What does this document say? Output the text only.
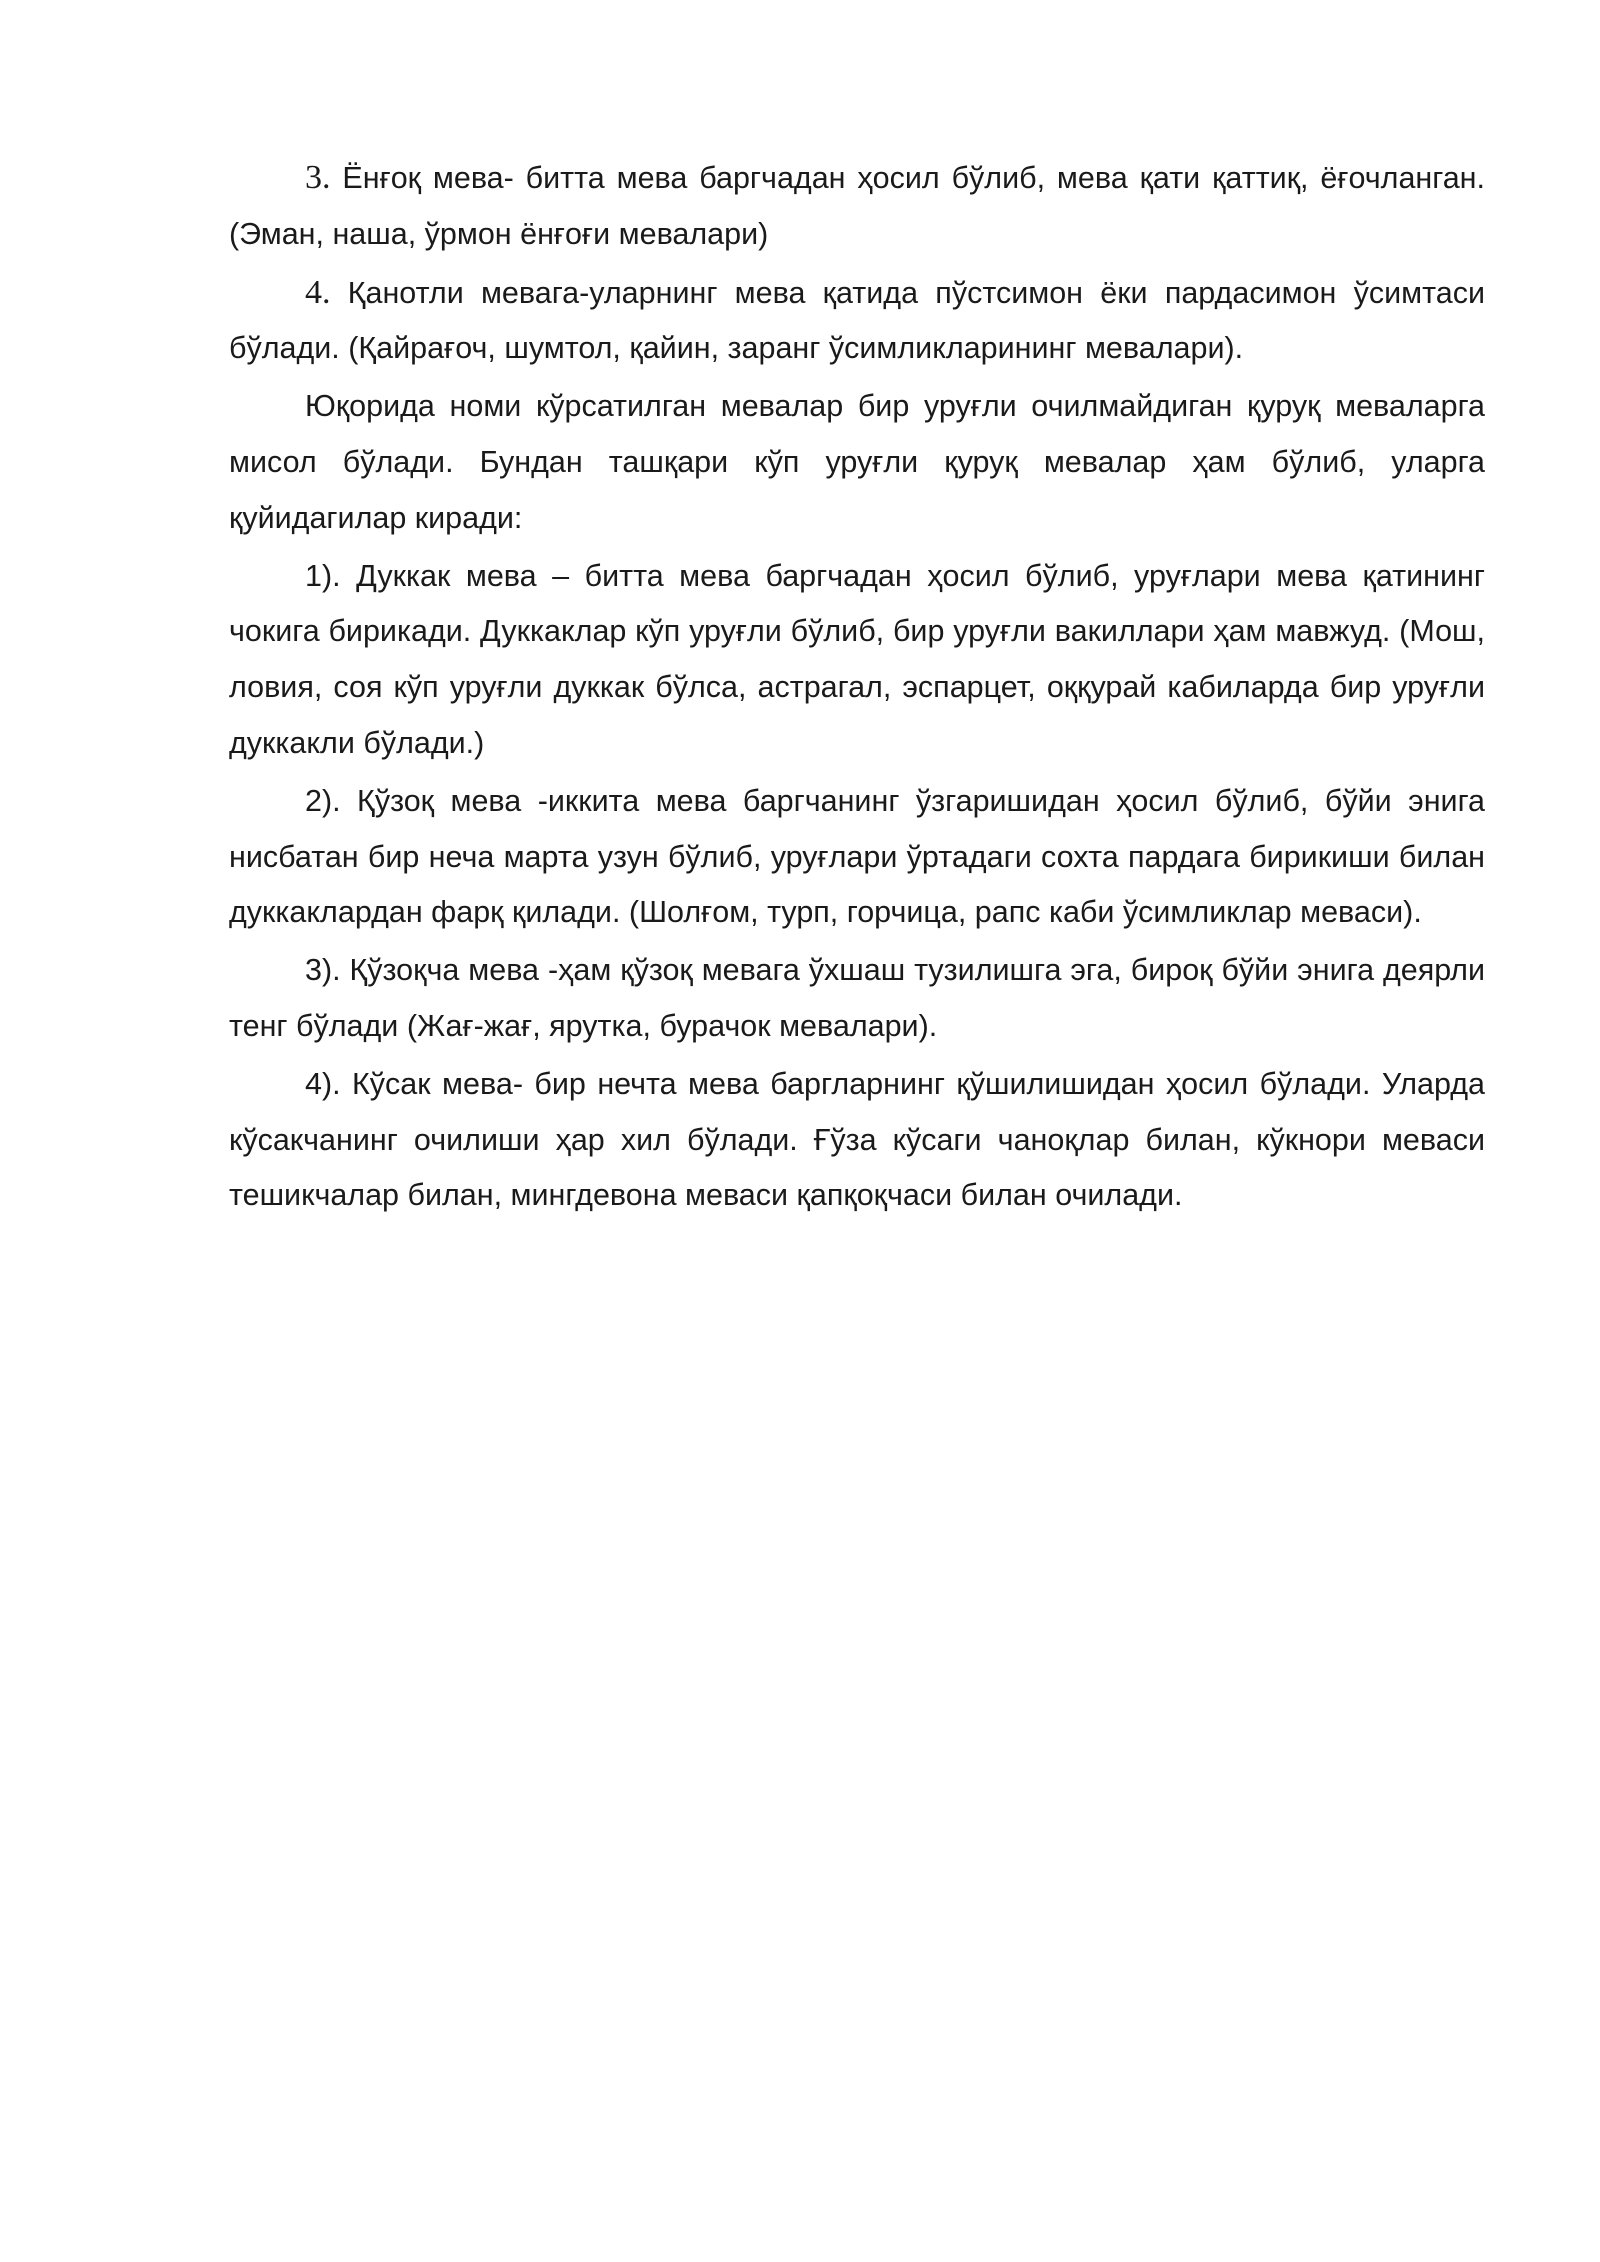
3. Ёнғоқ мева- битта мева баргчадан ҳосил бўлиб, мева қати қаттиқ, ёғочланган. (Эман, наша, ўрмон ёнғоғи мевалари)

4. Қанотли мевага-уларнинг мева қатида пўстсимон ёки пардасимон ўсимтаси бўлади. (Қайрағоч, шумтол, қайин, заранг ўсимликларининг мевалари).

Юқорида номи кўрсатилган мевалар бир уруғли очилмайдиган қуруқ меваларга мисол бўлади. Бундан ташқари кўп уруғли қуруқ мевалар ҳам бўлиб, уларга қуйидагилар киради:

1). Дуккак мева – битта мева баргчадан ҳосил бўлиб, уруғлари мева қатининг чокига бирикади. Дуккаклар кўп уруғли бўлиб, бир уруғли вакиллари ҳам мавжуд. (Мош, ловия, соя кўп уруғли дуккак бўлса, астрагал, эспарцет, оққурай кабиларда бир уруғли дуккакли бўлади.)

2). Қўзоқ мева -иккита мева баргчанинг ўзгаришидан ҳосил бўлиб, бўйи энига нисбатан бир неча марта узун бўлиб, уруғлари ўртадаги сохта пардага бирикиши билан дуккаклардан фарқ қилади. (Шолғом, турп, горчица, рапс каби ўсимликлар меваси).

3). Қўзоқча мева -ҳам қўзоқ мевага ўхшаш тузилишга эга, бироқ бўйи энига деярли тенг бўлади (Жағ-жағ, ярутка, бурачок мевалари).

4). Кўсак мева- бир нечта мева баргларнинг қўшилишидан ҳосил бўлади. Уларда кўсакчанинг очилиши ҳар хил бўлади. Ғўза кўсаги чаноқлар билан, кўкнори меваси тешикчалар билан, мингдевона меваси қапқоқчаси билан очилади.
